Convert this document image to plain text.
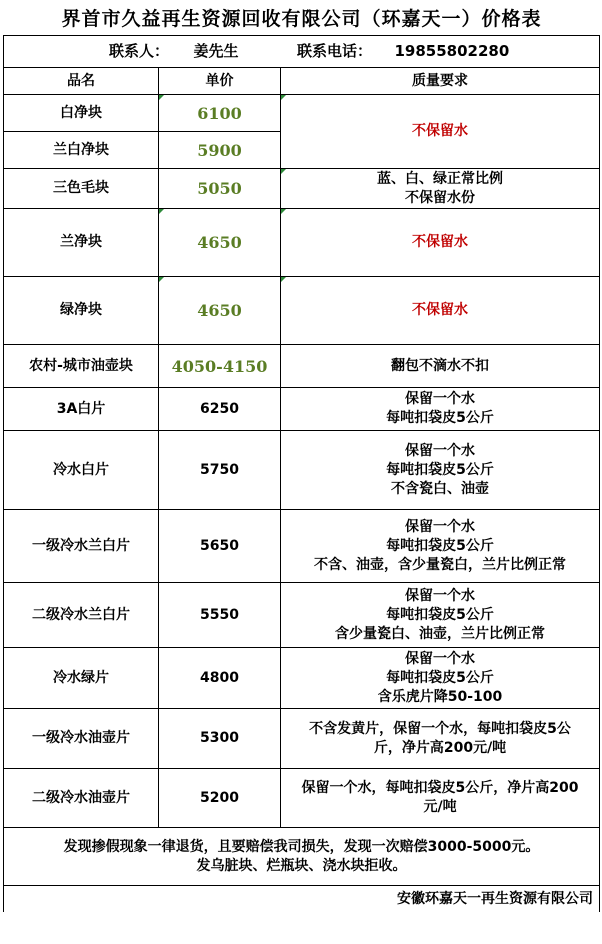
界首市久益再生资源回收有限公司（环嘉天一）价格表		
联系人： 姜先生 联系电话： 19855802280		
品名	单价	质量要求
白净块	6100	不保留水
兰白净块	5900	
三色毛块	5050	蓝、白、绿正常比例
不保留水份

兰净块	4650	不保留水
绿净块	4650	不保留水
农村-城市油壶块	4050-4150	翻包不滴水不扣
3A白片	6250	保留一个水
每吨扣袋皮5公斤

冷水白片	5750	保留一个水
每吨扣袋皮5公斤
不含瓷白、油壶

一级冷水兰白片	5650	保留一个水
每吨扣袋皮5公斤
不含、油壶，含少量瓷白，兰片比例正常

二级冷水兰白片	5550	保留一个水
每吨扣袋皮5公斤
含少量瓷白、油壶，兰片比例正常

冷水绿片	4800	保留一个水
每吨扣袋皮5公斤
含乐虎片降50-100

一级冷水油壶片	5300	不含发黄片，保留一个水，每吨扣袋皮5公
斤，净片高200元/吨

二级冷水油壶片	5200	保留一个水，每吨扣袋皮5公斤，净片高200
元/吨

发现掺假现象一律退货，且要赔偿我司损失，发现一次赔偿3000-5000元。
发乌脏块、烂瓶块、浇水块拒收。		

安徽环嘉天一再生资源有限公司		
